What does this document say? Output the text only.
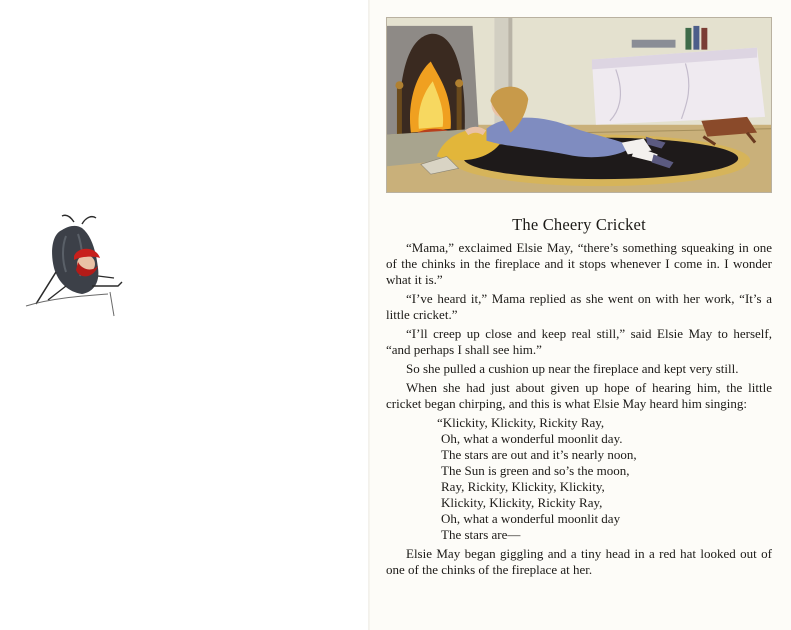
The Cheery Cricket

“Mama,” exclaimed Elsie May, “there’s something squeaking in one of the chinks in the fireplace and it stops whenever I come in. I wonder what it is.”

“I’ve heard it,” Mama replied as she went on with her work, “It’s a little cricket.”

“I’ll creep up close and keep real still,” said Elsie May to herself, “and perhaps I shall see him.”

So she pulled a cushion up near the fireplace and kept very still.

When she had just about given up hope of hearing him, the little cricket began chirping, and this is what Elsie May heard him singing:

“Klickity, Klickity, Rickity Ray,
Oh, what a wonderful moonlit day.
The stars are out and it’s nearly noon,
The Sun is green and so’s the moon,
Ray, Rickity, Klickity, Klickity,
Klickity, Klickity, Rickity Ray,
Oh, what a wonderful moonlit day
The stars are—

Elsie May began giggling and a tiny head in a red hat looked out of one of the chinks of the fireplace at her.
